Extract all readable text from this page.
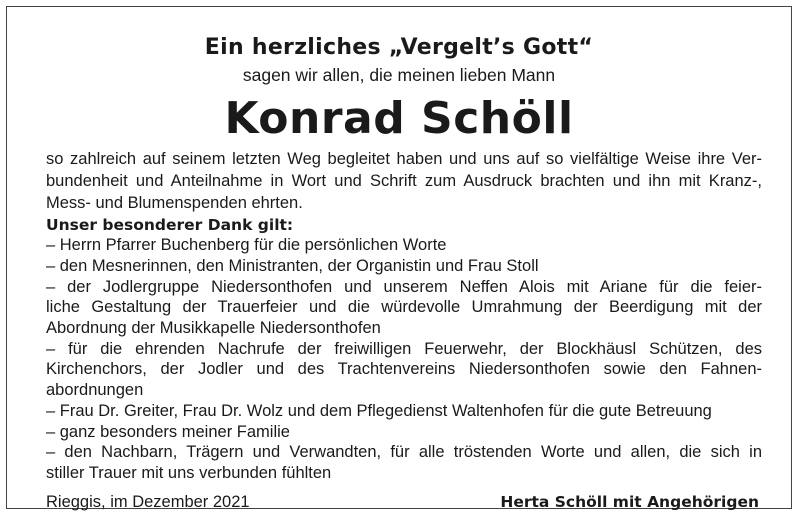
Ein herzliches „Vergelt’s Gott“
sagen wir allen, die meinen lieben Mann
Konrad Schöll
so zahlreich auf seinem letzten Weg begleitet haben und uns auf so vielfältige Weise ihre Ver-
bundenheit und Anteilnahme in Wort und Schrift zum Ausdruck brachten und ihn mit Kranz-,
Mess- und Blumenspenden ehrten.
Unser besonderer Dank gilt:
– Herrn Pfarrer Buchenberg für die persönlichen Worte
– den Mesnerinnen, den Ministranten, der Organistin und Frau Stoll
– der Jodlergruppe Niedersonthofen und unserem Neffen Alois mit Ariane für die feier-
liche Gestaltung der Trauerfeier und die würdevolle Umrahmung der Beerdigung mit der
Abordnung der Musikkapelle Niedersonthofen
– für die ehrenden Nachrufe der freiwilligen Feuerwehr, der Blockhäusl Schützen, des
Kirchenchors, der Jodler und des Trachtenvereins Niedersonthofen sowie den Fahnen-
abordnungen
– Frau Dr. Greiter, Frau Dr. Wolz und dem Pflegedienst Waltenhofen für die gute Betreuung
– ganz besonders meiner Familie
– den Nachbarn, Trägern und Verwandten, für alle tröstenden Worte und allen, die sich in
stiller Trauer mit uns verbunden fühlten
Rieggis, im Dezember 2021	Herta Schöll mit Angehörigen
